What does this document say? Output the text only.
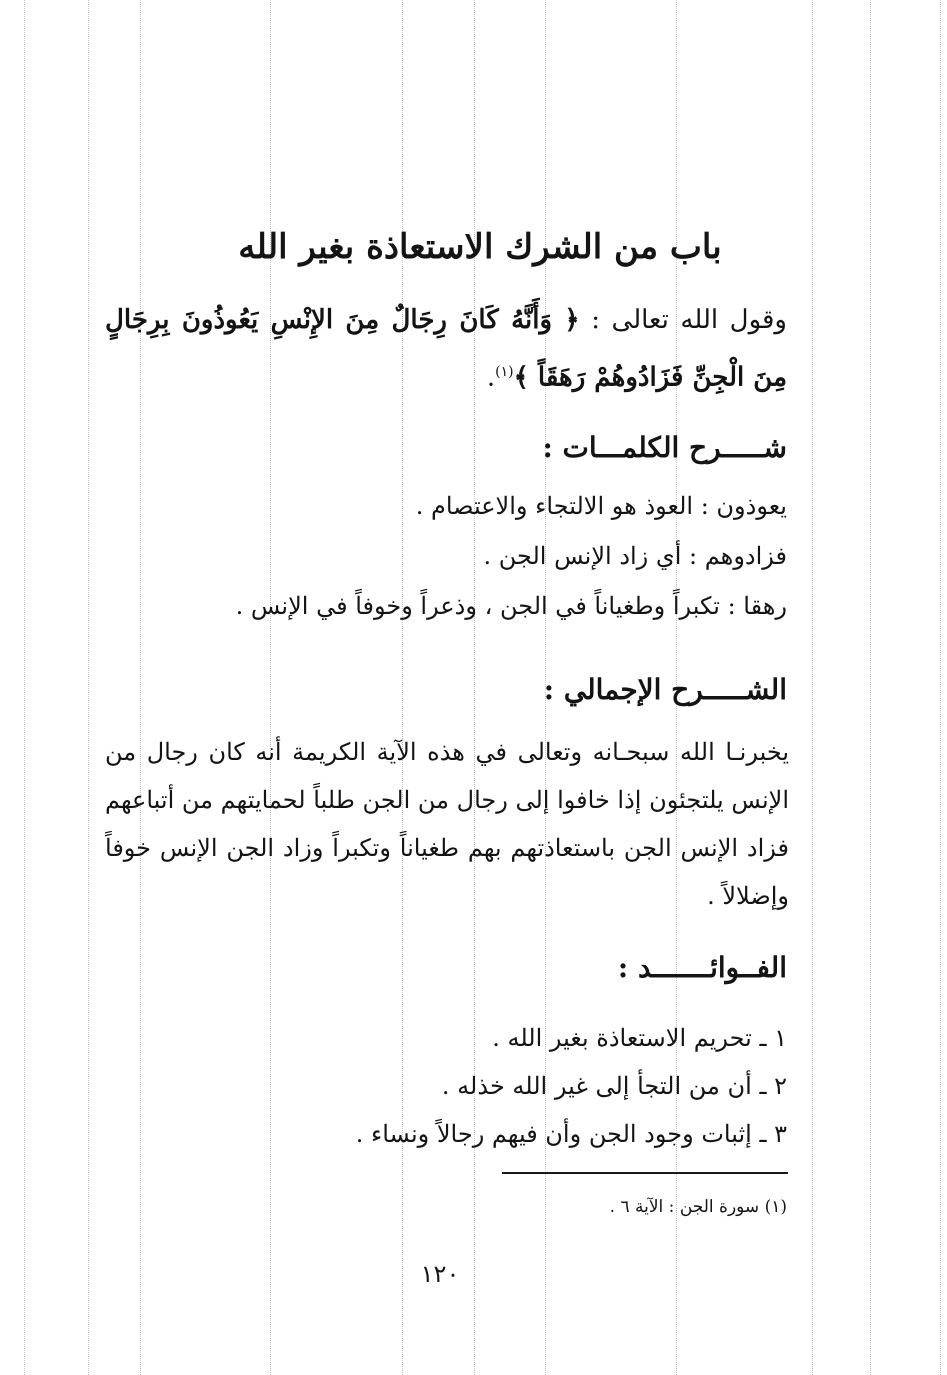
باب من الشرك الاستعاذة بغير الله
وقول الله تعالى : ﴿ وَأَنَّهُ كَانَ رِجَالٌ مِنَ الإِنْسِ يَعُوذُونَ بِرِجَالٍ مِنَ الْجِنِّ فَزَادُوهُمْ رَهَقَاً ﴾$^{(١)}$.
شـــــرح الكلمـــات :
يعوذون : العوذ هو الالتجاء والاعتصام .
فزادوهم : أي زاد الإنس الجن .
رهقا : تكبراً وطغياناً في الجن ، وذعراً وخوفاً في الإنس .
الشـــــرح الإجمالي :
يخبرنـا الله سبحـانه وتعالى في هذه الآية الكريمة أنه كان رجال من الإنس يلتجئون إذا خافوا إلى رجال من الجن طلباً لحمايتهم من أتباعهم فزاد الإنس الجن باستعاذتهم بهم طغياناً وتكبراً وزاد الجن الإنس خوفاً وإضلالاً .
الفــوائـــــــد :
١ ـ تحريم الاستعاذة بغير الله .
٢ ـ أن من التجأ إلى غير الله خذله .
٣ ـ إثبات وجود الجن وأن فيهم رجالاً ونساء .
(١) سورة الجن : الآية ٦ .
١٢٠
